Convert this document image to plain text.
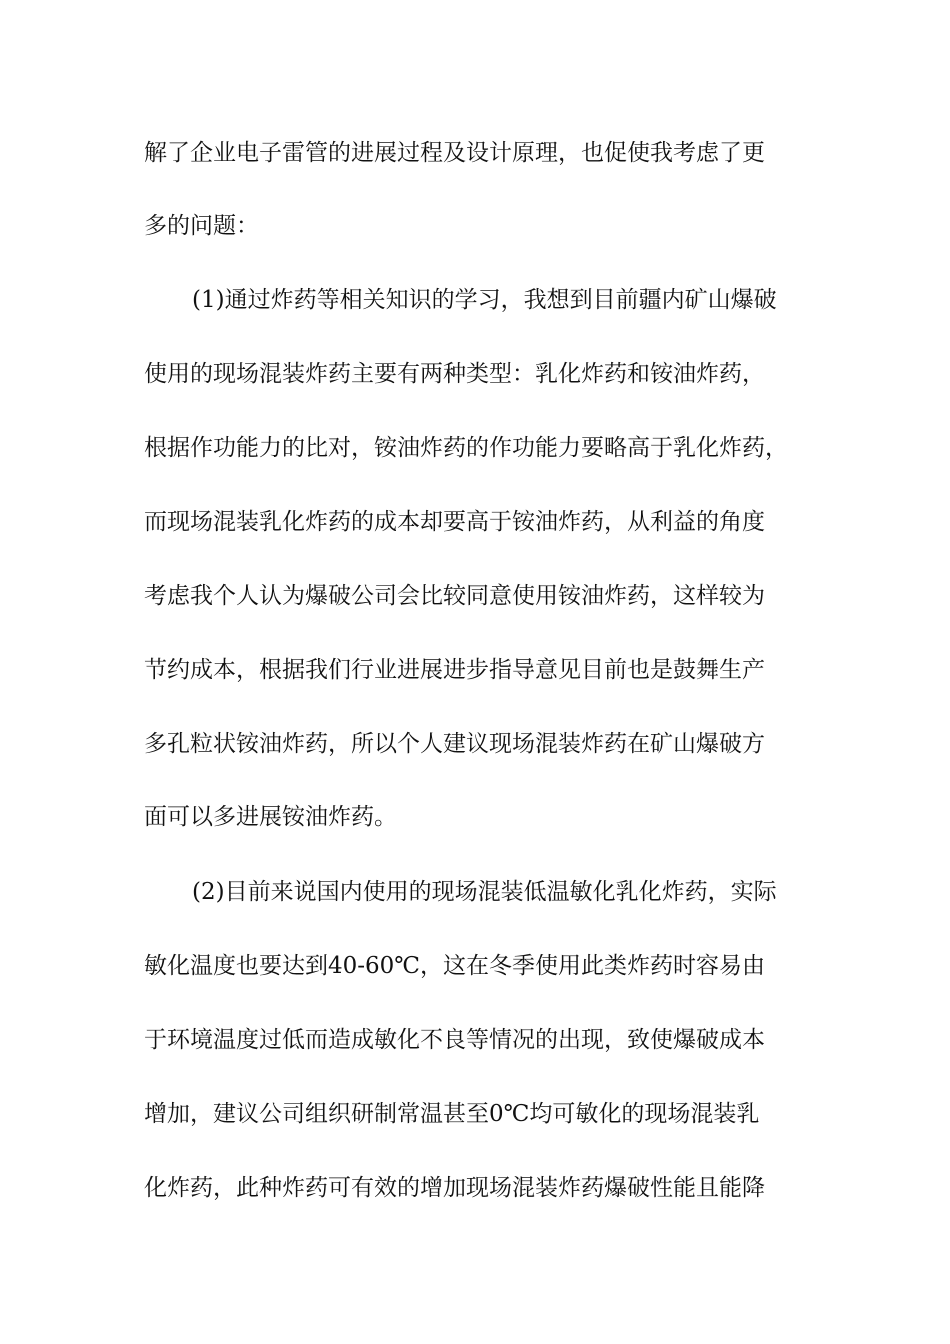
解了企业电子雷管的进展过程及设计原理，也促使我考虑了更
多的问题：
(1)通过炸药等相关知识的学习，我想到目前疆内矿山爆破
使用的现场混装炸药主要有两种类型：乳化炸药和铵油炸药，
根据作功能力的比对，铵油炸药的作功能力要略高于乳化炸药，
而现场混装乳化炸药的成本却要高于铵油炸药，从利益的角度
考虑我个人认为爆破公司会比较同意使用铵油炸药，这样较为
节约成本，根据我们行业进展进步指导意见目前也是鼓舞生产
多孔粒状铵油炸药，所以个人建议现场混装炸药在矿山爆破方
面可以多进展铵油炸药。
(2)目前来说国内使用的现场混装低温敏化乳化炸药，实际
敏化温度也要达到40-60℃，这在冬季使用此类炸药时容易由
于环境温度过低而造成敏化不良等情况的出现，致使爆破成本
增加，建议公司组织研制常温甚至0℃均可敏化的现场混装乳
化炸药，此种炸药可有效的增加现场混装炸药爆破性能且能降
